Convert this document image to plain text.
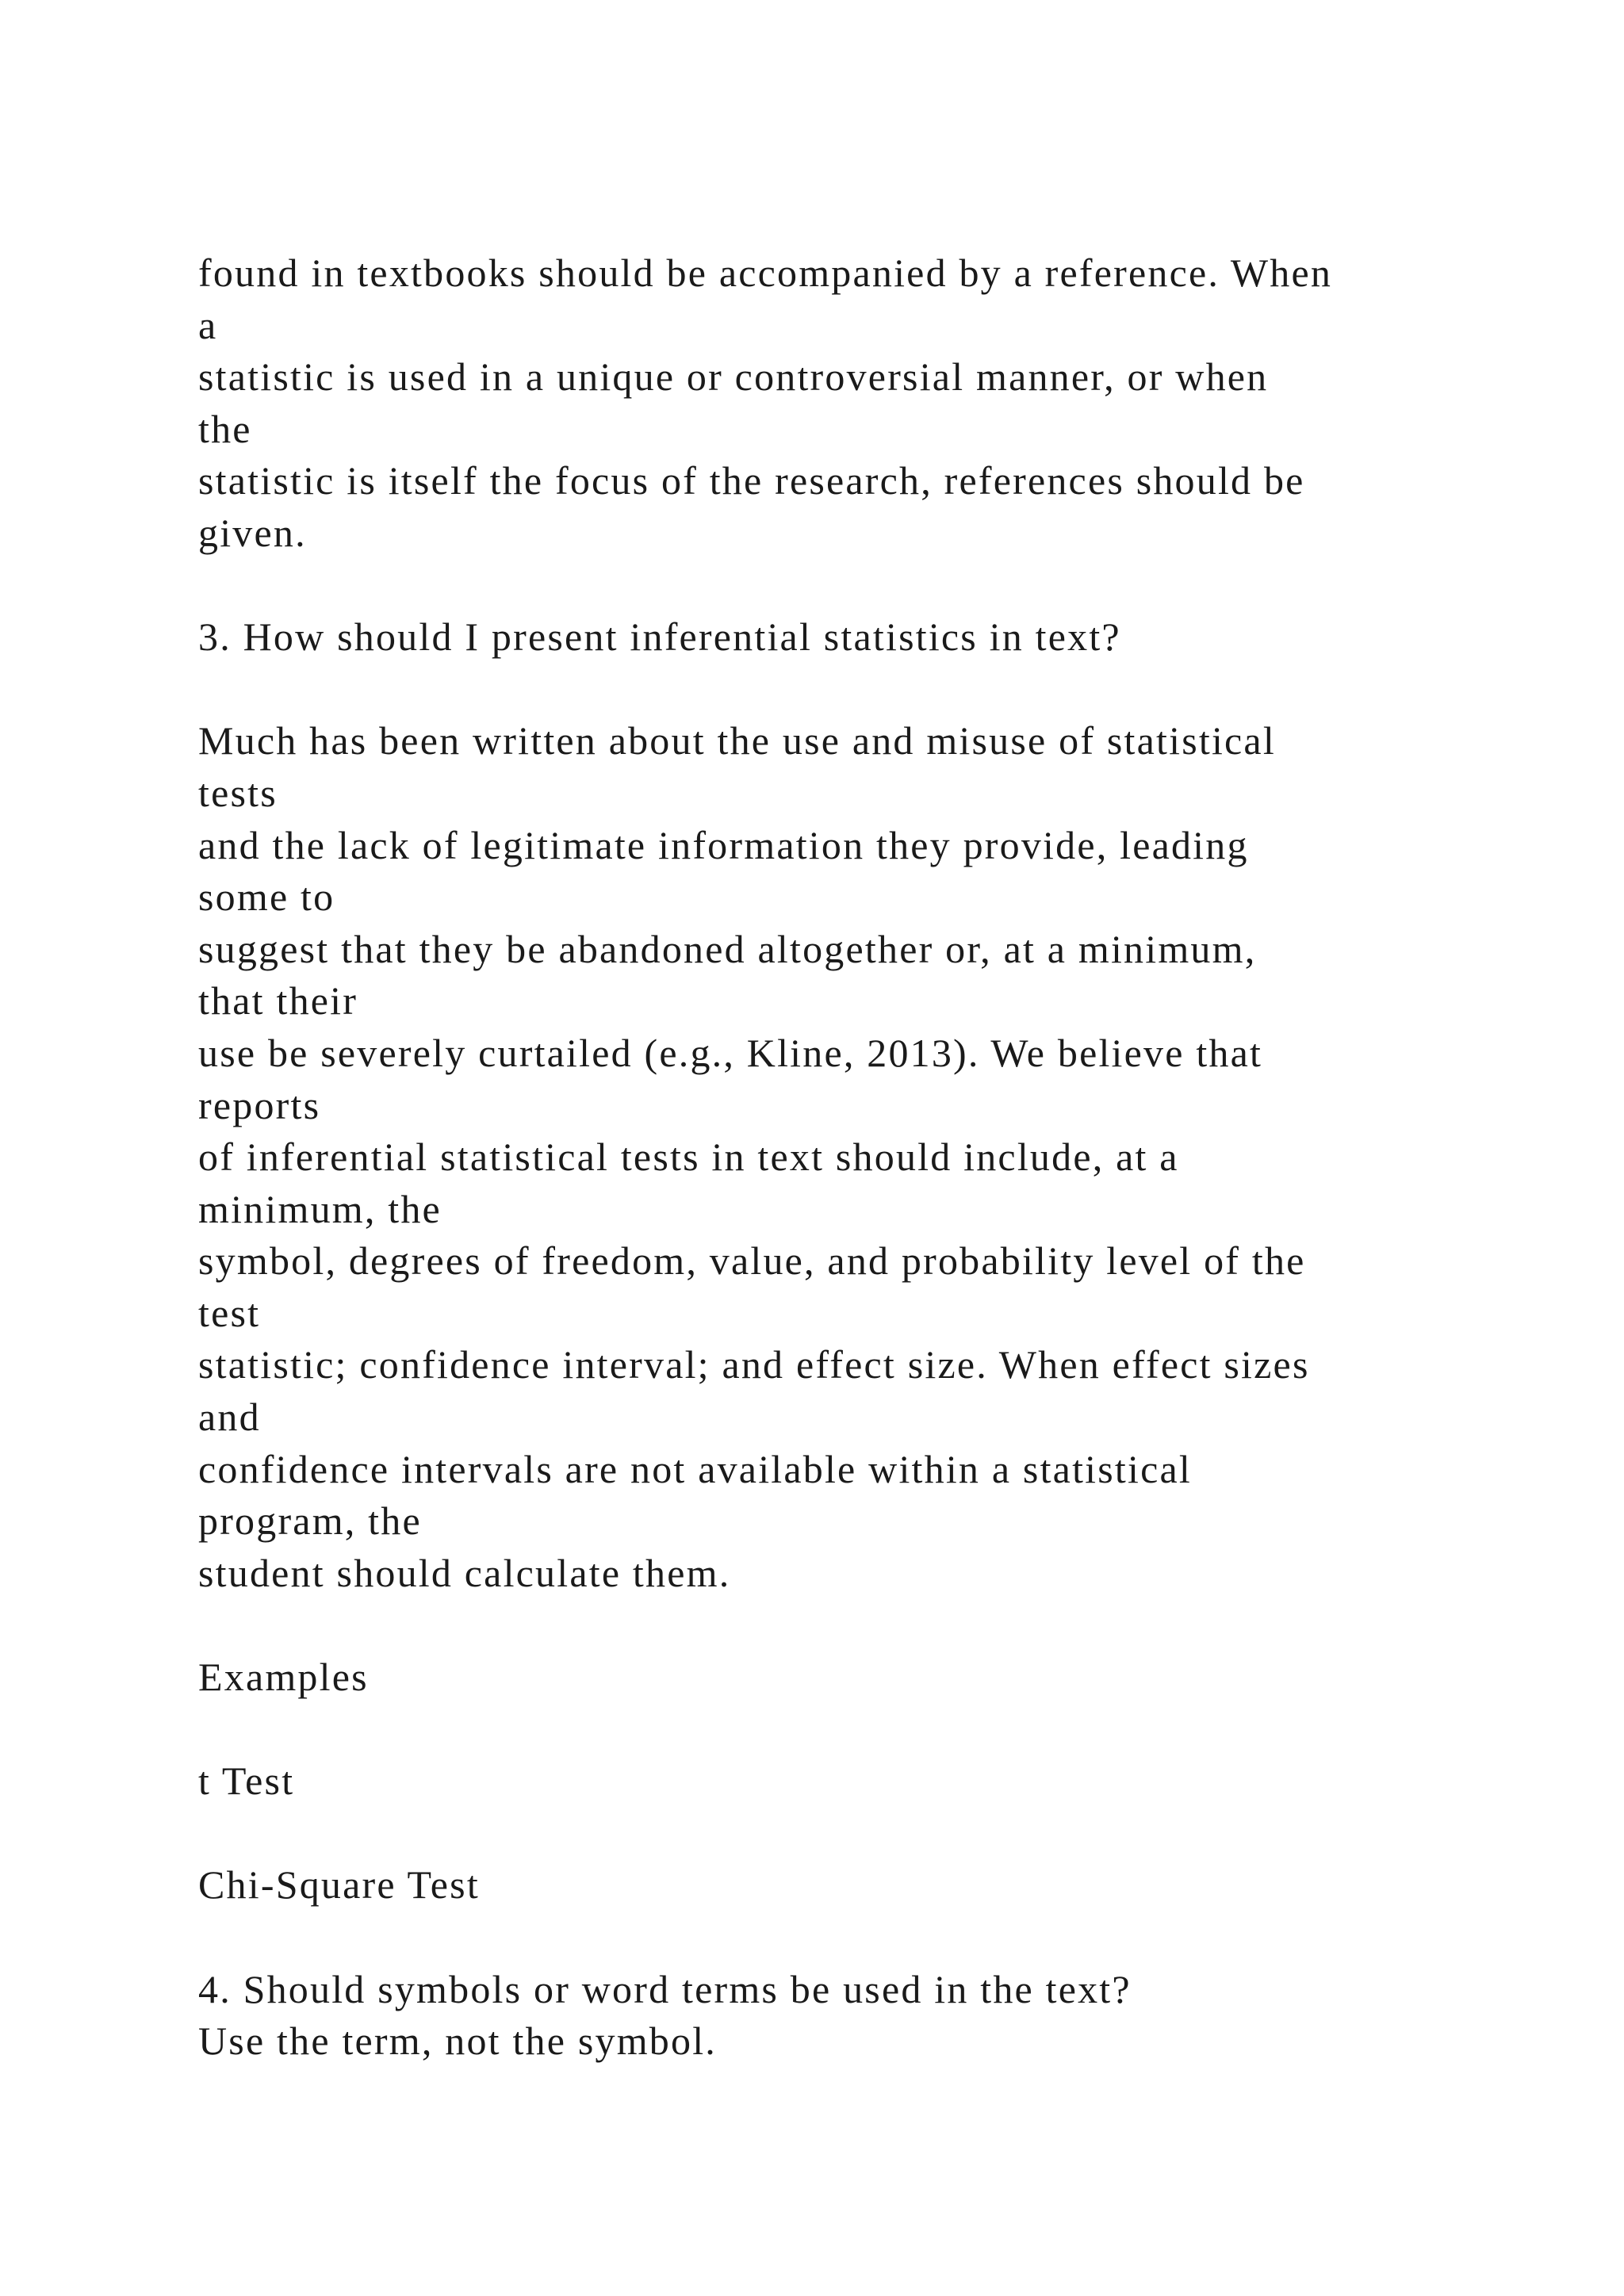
found in textbooks should be accompanied by a reference. When
a
statistic is used in a unique or controversial manner, or when
the
statistic is itself the focus of the research, references should be
given.
3. How should I present inferential statistics in text?
Much has been written about the use and misuse of statistical
tests
and the lack of legitimate information they provide, leading
some to
suggest that they be abandoned altogether or, at a minimum,
that their
use be severely curtailed (e.g., Kline, 2013). We believe that
reports
of inferential statistical tests in text should include, at a
minimum, the
symbol, degrees of freedom, value, and probability level of the
test
statistic; confidence interval; and effect size. When effect sizes
and
confidence intervals are not available within a statistical
program, the
student should calculate them.
Examples
t Test
Chi-Square Test
4. Should symbols or word terms be used in the text?
Use the term, not the symbol.
